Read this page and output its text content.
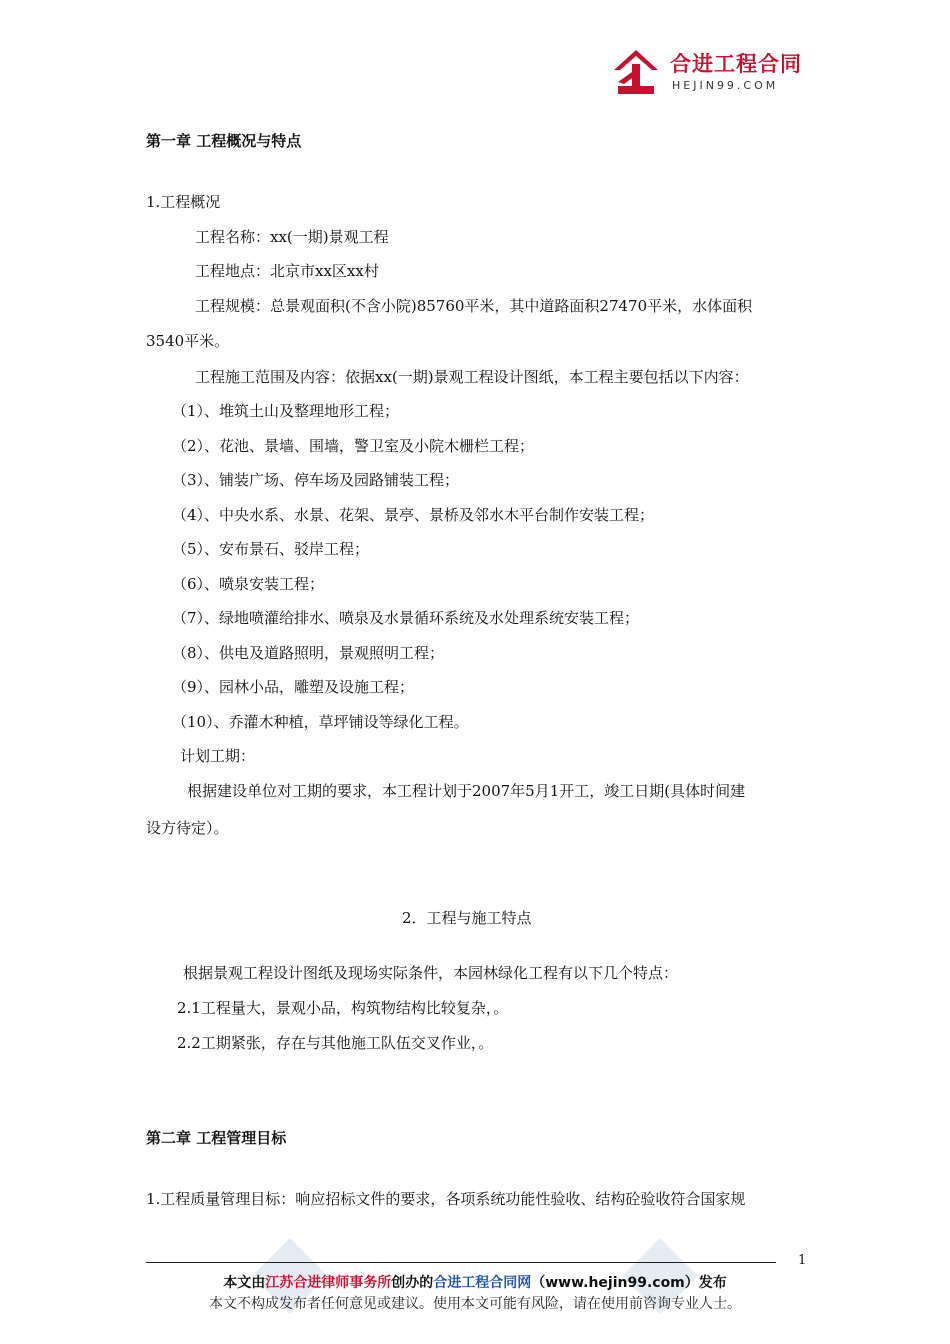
合进工程合同
HEJIN99.COM
第一章 工程概况与特点
1.工程概况
工程名称：xx(一期)景观工程
工程地点：北京市xx区xx村
工程规模：总景观面积(不含小院)85760平米，其中道路面积27470平米，水体面积
3540平米。
工程施工范围及内容：依据xx(一期)景观工程设计图纸，本工程主要包括以下内容：
（1）、堆筑土山及整理地形工程；
（2）、花池、景墙、围墙，警卫室及小院木栅栏工程；
（3）、铺装广场、停车场及园路铺装工程；
（4）、中央水系、水景、花架、景亭、景桥及邻水木平台制作安装工程；
（5）、安布景石、驳岸工程；
（6）、喷泉安装工程；
（7）、绿地喷灌给排水、喷泉及水景循环系统及水处理系统安装工程；
（8）、供电及道路照明，景观照明工程；
（9）、园林小品，雕塑及设施工程；
（10）、乔灌木种植，草坪铺设等绿化工程。
计划工期：
根据建设单位对工期的要求，本工程计划于2007年5月1开工，竣工日期(具体时间建
设方待定）。
2．工程与施工特点
根据景观工程设计图纸及现场实际条件，本园林绿化工程有以下几个特点：
2.1工程量大，景观小品，构筑物结构比较复杂，。
2.2工期紧张，存在与其他施工队伍交叉作业，。
第二章 工程管理目标
1.工程质量管理目标：响应招标文件的要求，各项系统功能性验收、结构砼验收符合国家规
1
本文由江苏合进律师事务所创办的合进工程合同网（www.hejin99.com）发布
本文不构成发布者任何意见或建议。使用本文可能有风险，请在使用前咨询专业人士。
